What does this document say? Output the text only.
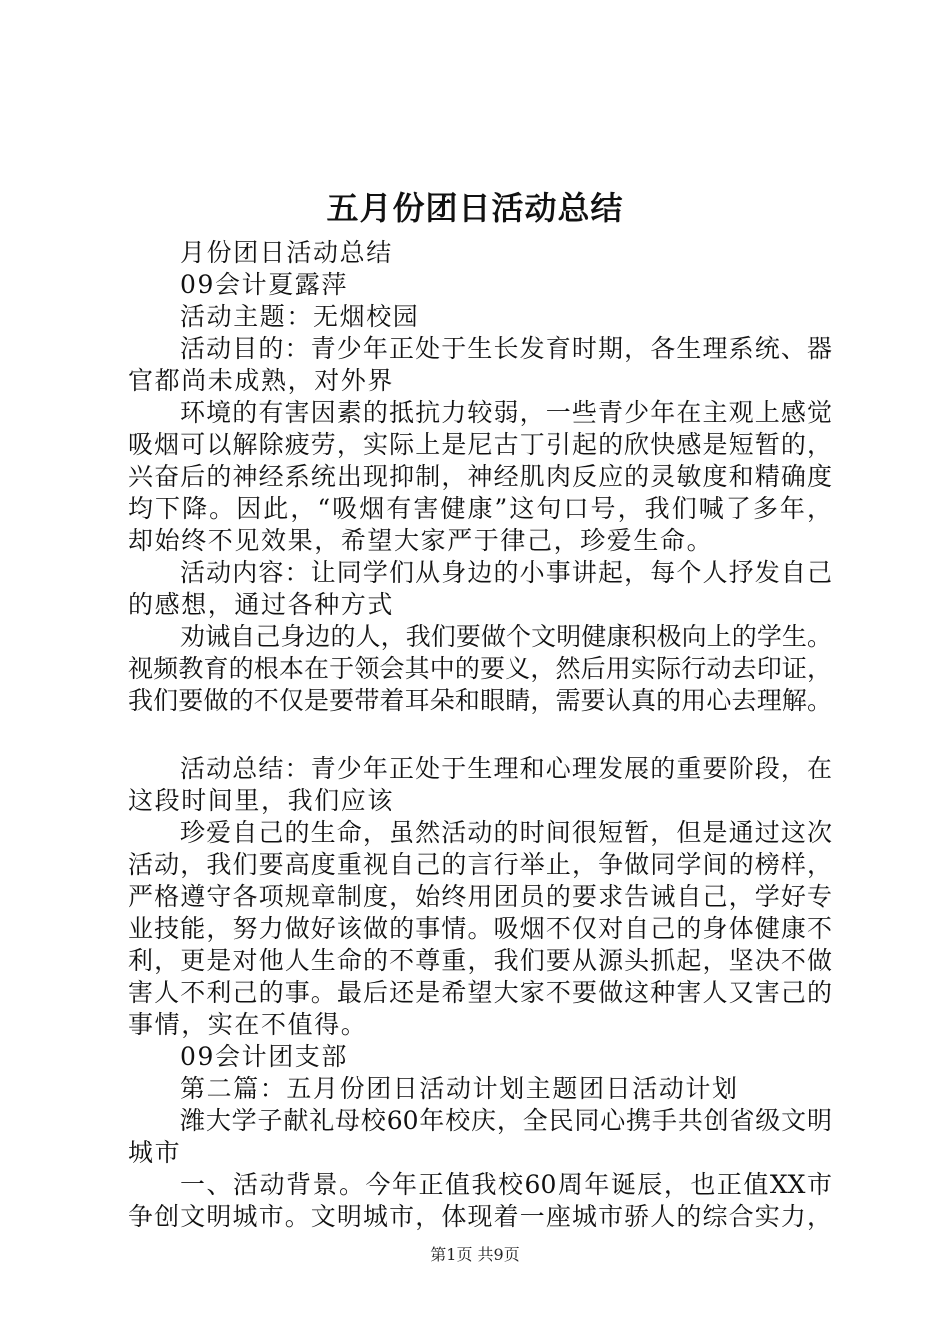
五月份团日活动总结
月份团日活动总结
09会计夏露萍
活动主题：无烟校园
活动目的：青少年正处于生长发育时期，各生理系统、器
官都尚未成熟，对外界
环境的有害因素的抵抗力较弱，一些青少年在主观上感觉
吸烟可以解除疲劳，实际上是尼古丁引起的欣快感是短暂的，
兴奋后的神经系统出现抑制，神经肌肉反应的灵敏度和精确度
均下降。因此，“吸烟有害健康”这句口号，我们喊了多年，
却始终不见效果，希望大家严于律己，珍爱生命。
活动内容：让同学们从身边的小事讲起，每个人抒发自己
的感想，通过各种方式
劝诫自己身边的人，我们要做个文明健康积极向上的学生。
视频教育的根本在于领会其中的要义，然后用实际行动去印证，
我们要做的不仅是要带着耳朵和眼睛，需要认真的用心去理解。
活动总结：青少年正处于生理和心理发展的重要阶段，在
这段时间里，我们应该
珍爱自己的生命，虽然活动的时间很短暂，但是通过这次
活动，我们要高度重视自己的言行举止，争做同学间的榜样，
严格遵守各项规章制度，始终用团员的要求告诫自己，学好专
业技能，努力做好该做的事情。吸烟不仅对自己的身体健康不
利，更是对他人生命的不尊重，我们要从源头抓起，坚决不做
害人不利己的事。最后还是希望大家不要做这种害人又害己的
事情，实在不值得。
09会计团支部
第二篇：五月份团日活动计划主题团日活动计划
潍大学子献礼母校60年校庆，全民同心携手共创省级文明
城市
一、活动背景。今年正值我校60周年诞辰，也正值XX市
争创文明城市。文明城市，体现着一座城市骄人的综合实力，
第1页 共9页
